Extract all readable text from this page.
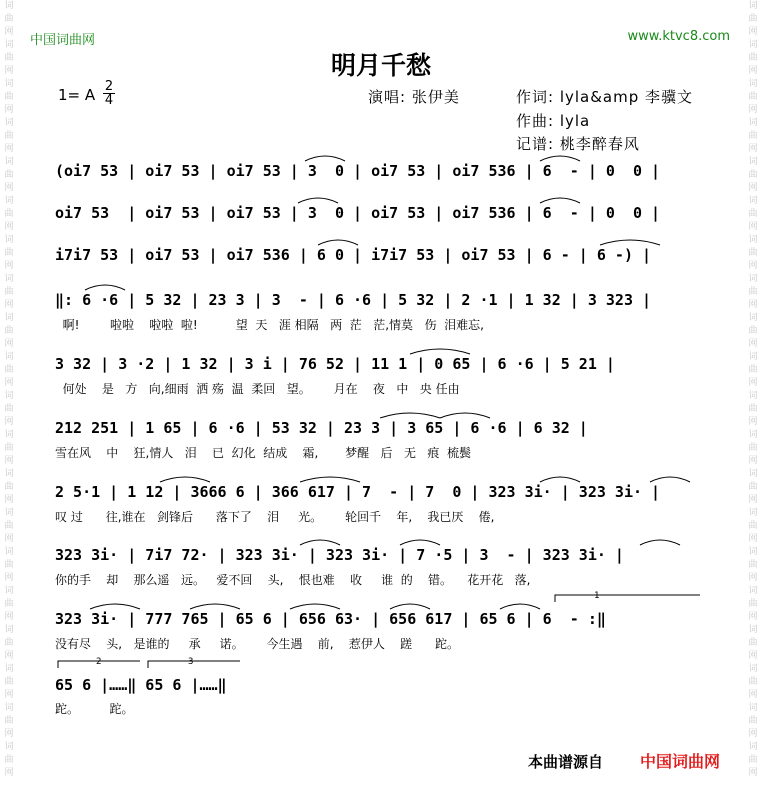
词曲网词曲网词曲网词曲网词曲网词曲网词曲网词曲网词曲网词曲网词曲网词曲网词曲网词曲网词曲网词曲网词曲网词曲网词曲网词曲网
词曲网词曲网词曲网词曲网词曲网词曲网词曲网词曲网词曲网词曲网词曲网词曲网词曲网词曲网词曲网词曲网词曲网词曲网词曲网词曲网
中国词曲网	www.ktvc8.com
明月千愁
1= A $\frac{2}{4}$	演唱: 张伊美	作词: lyla&amp 李骥文
作曲: lyla
记谱: 桃李醉春风
(oi7 53 | oi7 53 | oi7 53 | 3  0 | oi7 53 | oi7 536 | 6  - | 0  0 |
oi7 53  | oi7 53 | oi7 53 | 3  0 | oi7 53 | oi7 536 | 6  - | 0  0 |
i7i7 53 | oi7 53 | oi7 536 | 6 0 | i7i7 53 | oi7 53 | 6 - | 6 -) |
‖: 6 ·6 | 5 32 | 23 3 | 3  - | 6 ·6 | 5 32 | 2 ·1 | 1 32 | 3 323 |
啊!        啦啦    啦啦  啦!          望  天   涯 相隔   两  茫   茫,情莫   伤  泪难忘,
3 32 | 3 ·2 | 1 32 | 3 i | 76 52 | 11 1 | 0 65 | 6 ·6 | 5 21 |
何处    是   方   向,细雨  洒 殇  温  柔回   望。      月在    夜   中   央 任由
212 251 | 1 65 | 6 ·6 | 53 32 | 23 3 | 3 65 | 6 ·6 | 6 32 |
雪在风    中    狂,情人   泪    已  幻化  结成    霜,       梦醒   后   无   痕  梳鬓
2 5·1 | 1 12 | 3666 6 | 366 617 | 7  - | 7  0 | 323 3i· | 323 3i· |
叹 过      往,谁在   剑锋后      落下了    泪     光。      轮回千    年,    我已厌    倦,
323 3i· | 7i7 72· | 323 3i· | 323 3i· | 7 ·5 | 3  - | 323 3i· |
你的手    却    那么遥   远。   爱不回    头,    恨也难    收     谁  的    错。    花开花   落,
323 3i· | 777 765 | 65 6 | 656 63· | 656 617 | 65 6 | 6  - :‖
没有尽    头,   是谁的     承     诺。      今生遇    前,    惹伊人    蹉      跎。
65 6 |……‖ 65 6 |……‖
跎。        跎。
1
2	3
本曲谱源自 中国词曲网
